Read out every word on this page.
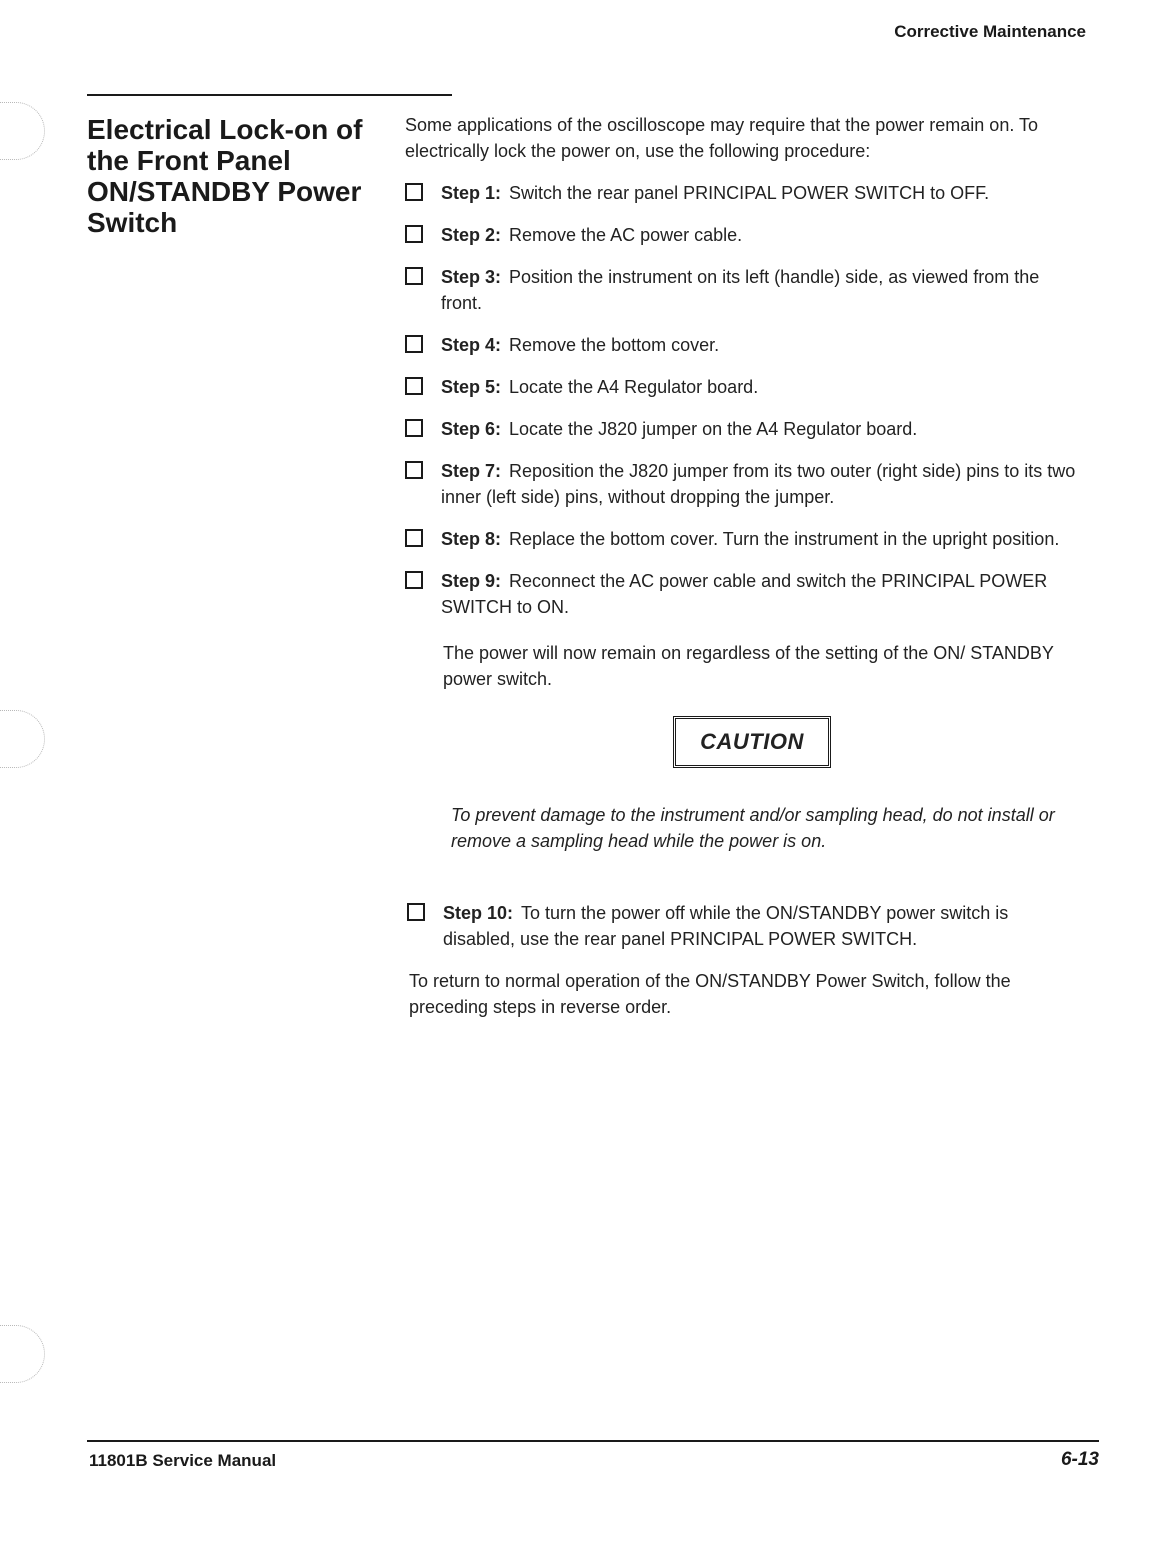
Corrective Maintenance
Electrical Lock-on of the Front Panel ON/STANDBY Power Switch

Some applications of the oscilloscope may require that the power remain on. To electrically lock the power on, use the following procedure:

Step 1: Switch the rear panel PRINCIPAL POWER SWITCH to OFF.
Step 2: Remove the AC power cable.
Step 3: Position the instrument on its left (handle) side, as viewed from the front.
Step 4: Remove the bottom cover.
Step 5: Locate the A4 Regulator board.
Step 6: Locate the J820 jumper on the A4 Regulator board.
Step 7: Reposition the J820 jumper from its two outer (right side) pins to its two inner (left side) pins, without dropping the jumper.
Step 8: Replace the bottom cover. Turn the instrument in the upright position.
Step 9: Reconnect the AC power cable and switch the PRINCIPAL POWER SWITCH to ON.

The power will now remain on regardless of the setting of the ON/ STANDBY power switch.

CAUTION

To prevent damage to the instrument and/or sampling head, do not install or remove a sampling head while the power is on.

Step 10: To turn the power off while the ON/STANDBY power switch is disabled, use the rear panel PRINCIPAL POWER SWITCH.

To return to normal operation of the ON/STANDBY Power Switch, follow the preceding steps in reverse order.

11801B Service Manual	6-13
